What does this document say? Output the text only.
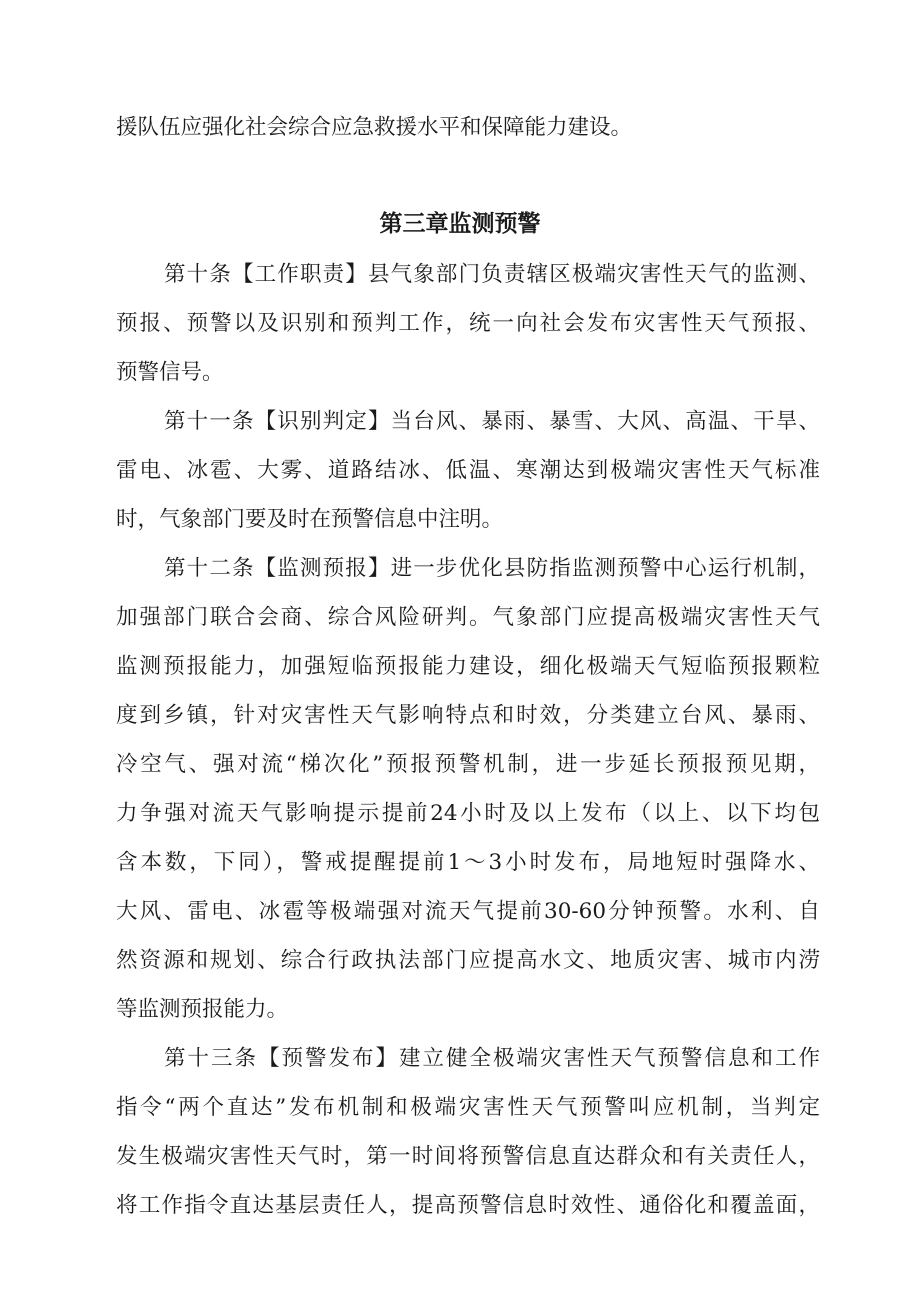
援队伍应强化社会综合应急救援水平和保障能力建设。
第三章监测预警
第十条【工作职责】县气象部门负责辖区极端灾害性天气的监测、
预报、预警以及识别和预判工作，统一向社会发布灾害性天气预报、
预警信号。
第十一条【识别判定】当台风、暴雨、暴雪、大风、高温、干旱、
雷电、冰雹、大雾、道路结冰、低温、寒潮达到极端灾害性天气标准
时，气象部门要及时在预警信息中注明。
第十二条【监测预报】进一步优化县防指监测预警中心运行机制，
加强部门联合会商、综合风险研判。气象部门应提高极端灾害性天气
监测预报能力，加强短临预报能力建设，细化极端天气短临预报颗粒
度到乡镇，针对灾害性天气影响特点和时效，分类建立台风、暴雨、
冷空气、强对流“梯次化”预报预警机制，进一步延长预报预见期，
力争强对流天气影响提示提前24小时及以上发布（以上、以下均包
含本数，下同），警戒提醒提前1～3小时发布，局地短时强降水、
大风、雷电、冰雹等极端强对流天气提前30-60分钟预警。水利、自
然资源和规划、综合行政执法部门应提高水文、地质灾害、城市内涝
等监测预报能力。
第十三条【预警发布】建立健全极端灾害性天气预警信息和工作
指令“两个直达”发布机制和极端灾害性天气预警叫应机制，当判定
发生极端灾害性天气时，第一时间将预警信息直达群众和有关责任人，
将工作指令直达基层责任人，提高预警信息时效性、通俗化和覆盖面，
